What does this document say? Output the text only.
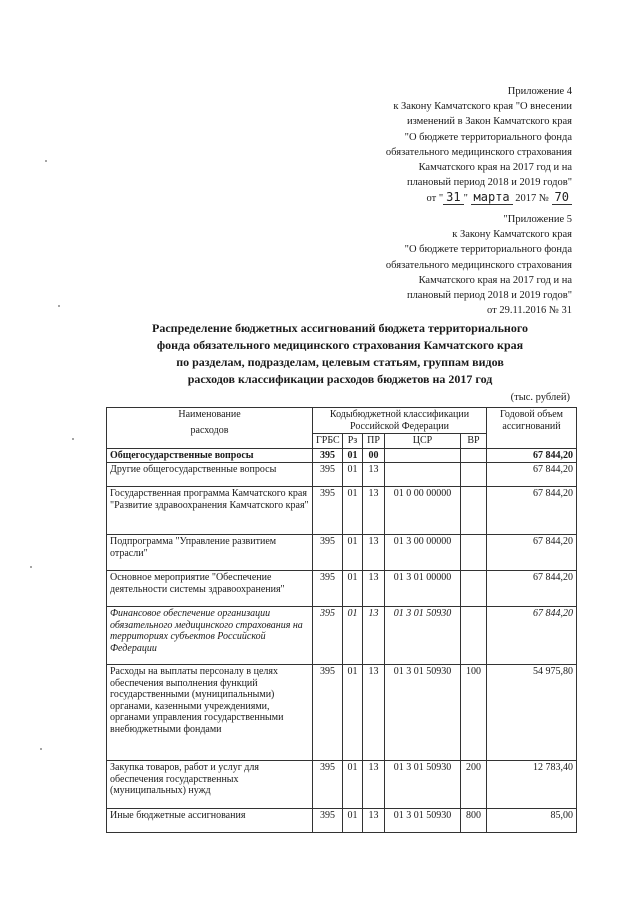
Приложение 4
к Закону Камчатского края "О внесении
изменений в Закон Камчатского края
"О бюджете территориального фонда
обязательного медицинского страхования
Камчатского края на 2017 год и на
плановый период 2018 и 2019 годов"
от " 31 " марта 2017 № 70
"Приложение 5
к Закону Камчатского края
"О бюджете территориального фонда
обязательного медицинского страхования
Камчатского края на 2017 год и на
плановый период 2018 и 2019 годов"
от 29.11.2016 № 31
Распределение бюджетных ассигнований бюджета территориального
фонда обязательного медицинского страхования Камчатского края
по разделам, подразделам, целевым статьям, группам видов
расходов классификации расходов бюджетов на 2017 год
(тыс. рублей)
Наименование
расходов	Кодыбюджетной классификации Российской Федерации					Годовой объем ассигнований
	ГРБС	Рз	ПР	ЦСР	ВР	
Общегосударственные вопросы	395	01	00			67 844,20
Другие общегосударственные вопросы	395	01	13			67 844,20
Государственная программа Камчатского края "Развитие здравоохранения Камчатского края"	395	01	13	01 0 00 00000		67 844,20
Подпрограмма "Управление развитием отрасли"	395	01	13	01 3 00 00000		67 844,20
Основное мероприятие "Обеспечение деятельности системы здравоохранения"	395	01	13	01 3 01 00000		67 844,20
Финансовое обеспечение организации обязательного медицинского страхования на территориях субъектов Российской Федерации	395	01	13	01 3 01 50930		67 844,20
Расходы на выплаты персоналу в целях обеспечения выполнения функций государственными (муниципальными) органами, казенными учреждениями, органами управления государственными внебюджетными фондами	395	01	13	01 3 01 50930	100	54 975,80
Закупка товаров, работ и услуг для обеспечения государственных (муниципальных) нужд	395	01	13	01 3 01 50930	200	12 783,40
Иные бюджетные ассигнования	395	01	13	01 3 01 50930	800	85,00
